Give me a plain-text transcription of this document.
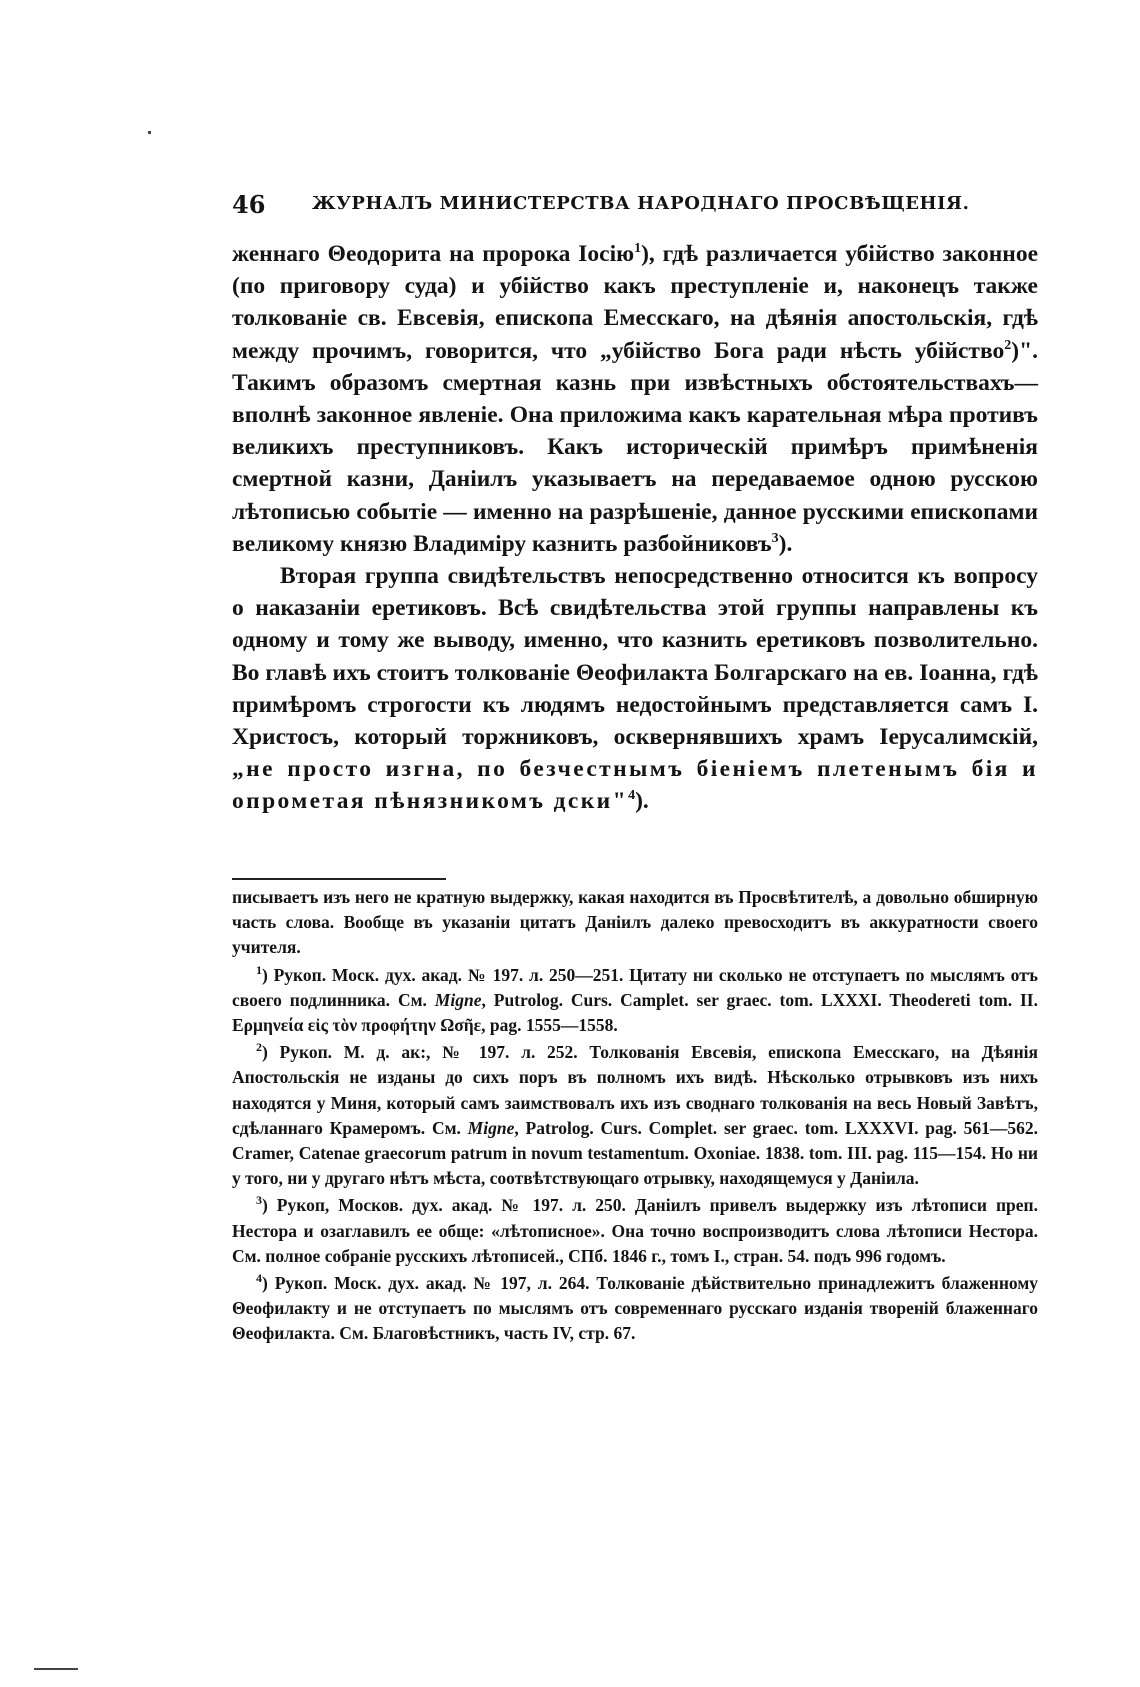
46	ЖУРНАЛЪ МИНИСТЕРСТВА НАРОДНАГО ПРОСВѢЩЕНІЯ.

женнаго Θеодорита на пророка Іосію$^1$), гдѣ различается убійство законное (по приговору суда) и убійство какъ преступленіе и, наконецъ также толкованіе св. Евсевія, епископа Емесскаго, на дѣянія апостольскія, гдѣ между прочимъ, говорится, что „убійство Бога ради нѣсть убійство$^2$)". Такимъ образомъ смертная казнь при извѣстныхъ обстоятельствахъ—вполнѣ законное явленіе. Она приложима какъ карательная мѣра противъ великихъ преступниковъ. Какъ историческій примѣръ примѣненія смертной казни, Даніилъ указываетъ на передаваемое одною русскою лѣтописью событіе — именно на разрѣшеніе, данное русскими епископами великому князю Владиміру казнить разбойниковъ$^3$).

Вторая группа свидѣтельствъ непосредственно относится къ вопросу о наказаніи еретиковъ. Всѣ свидѣтельства этой группы направлены къ одному и тому же выводу, именно, что казнить еретиковъ позволительно. Во главѣ ихъ стоитъ толкованіе Θеофилакта Болгарскаго на ев. Іоанна, гдѣ примѣромъ строгости къ людямъ недостойнымъ представляется самъ І. Христосъ, который торжниковъ, осквернявшихъ храмъ Іерусалимскій, „не просто изгна, по безчестнымъ біеніемъ плетенымъ бія и опрометая пѣнязникомъ дски"$^4$).

писываетъ изъ него не кратную выдержку, какая находится въ Просвѣтителѣ, а довольно обширную часть слова. Вообще въ указаніи цитатъ Даніилъ далеко превосходитъ въ аккуратности своего учителя.

$^1$) Рукоп. Моск. дух. акад. № 197. л. 250—251. Цитату ни сколько не отступаетъ по мыслямъ отъ своего подлинника. См. Migne, Putrolog. Curs. Camplet. ser graec. tom. LXXXI. Theodereti tom. II. Ερμηνεία εἰς τὸν προφήτην Ωσῆε, pag. 1555—1558.

$^2$) Рукоп. М. д. ак:, № 197. л. 252. Толкованія Евсевія, епископа Емесскаго, на Дѣянія Апостольскія не изданы до сихъ поръ въ полномъ ихъ видѣ. Нѣсколько отрывковъ изъ нихъ находятся у Миня, который самъ заимствовалъ ихъ изъ своднаго толкованія на весь Новый Завѣтъ, сдѣланнаго Крамеромъ. См. Migne, Patrolog. Curs. Complet. ser graec. tom. LXXXVI. pag. 561—562. Cramer, Catenae graecorum patrum in novum testamentum. Oxoniae. 1838. tom. III. pag. 115—154. Но ни у того, ни у другаго нѣтъ мѣста, соотвѣтствующаго отрывку, находящемуся у Даніила.

$^3$) Рукоп, Москов. дух. акад. № 197. л. 250. Даніилъ привелъ выдержку изъ лѣтописи преп. Нестора и озаглавилъ ее обще: «лѣтописное». Она точно воспроизводитъ слова лѣтописи Нестора. См. полное собраніе русскихъ лѣтописей., СПб. 1846 г., томъ І., стран. 54. подъ 996 годомъ.

$^4$) Рукоп. Моск. дух. акад. № 197, л. 264. Толкованіе дѣйствительно принадлежитъ блаженному Θеофилакту и не отступаетъ по мыслямъ отъ современнаго русскаго изданія твореній блаженнаго Θеофилакта. См. Благовѣстникъ, часть IV, стр. 67.
